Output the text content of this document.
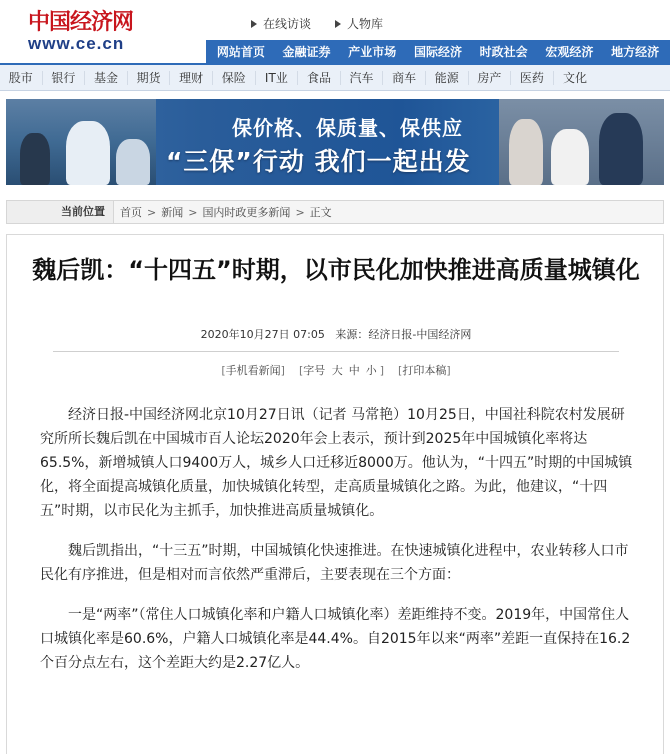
中国经济网
www.ce.cn
在线访谈	人物库
网站首页 金融证券 产业市场 国际经济 时政社会 宏观经济 地方经济
股市	银行	基金	期货	理财	保险	IT业	食品	汽车	商车	能源	房产	医药	文化
保价格、保质量、保供应
“三保”行动 我们一起出发
当前位置	首页 > 新闻 > 国内时政更多新闻 > 正文
魏后凯：“十四五”时期，以市民化加快推进高质量城镇化
2020年10月27日 07:05 来源：经济日报-中国经济网
[手机看新闻] [字号 大 中 小 ] [打印本稿]

经济日报-中国经济网北京10月27日讯（记者 马常艳）10月25日，中国社科院农村发展研究所所长魏后凯在中国城市百人论坛2020年会上表示，预计到2025年中国城镇化率将达65.5%，新增城镇人口9400万人，城乡人口迁移近8000万。他认为，“十四五”时期的中国城镇化，将全面提高城镇化质量，加快城镇化转型，走高质量城镇化之路。为此，他建议，“十四五”时期，以市民化为主抓手，加快推进高质量城镇化。

魏后凯指出，“十三五”时期，中国城镇化快速推进。在快速城镇化进程中，农业转移人口市民化有序推进，但是相对而言依然严重滞后，主要表现在三个方面：

一是“两率”（常住人口城镇化率和户籍人口城镇化率）差距维持不变。2019年，中国常住人口城镇化率是60.6%，户籍人口城镇化率是44.4%。自2015年以来“两率”差距一直保持在16.2个百分点左右，这个差距大约是2.27亿人。
